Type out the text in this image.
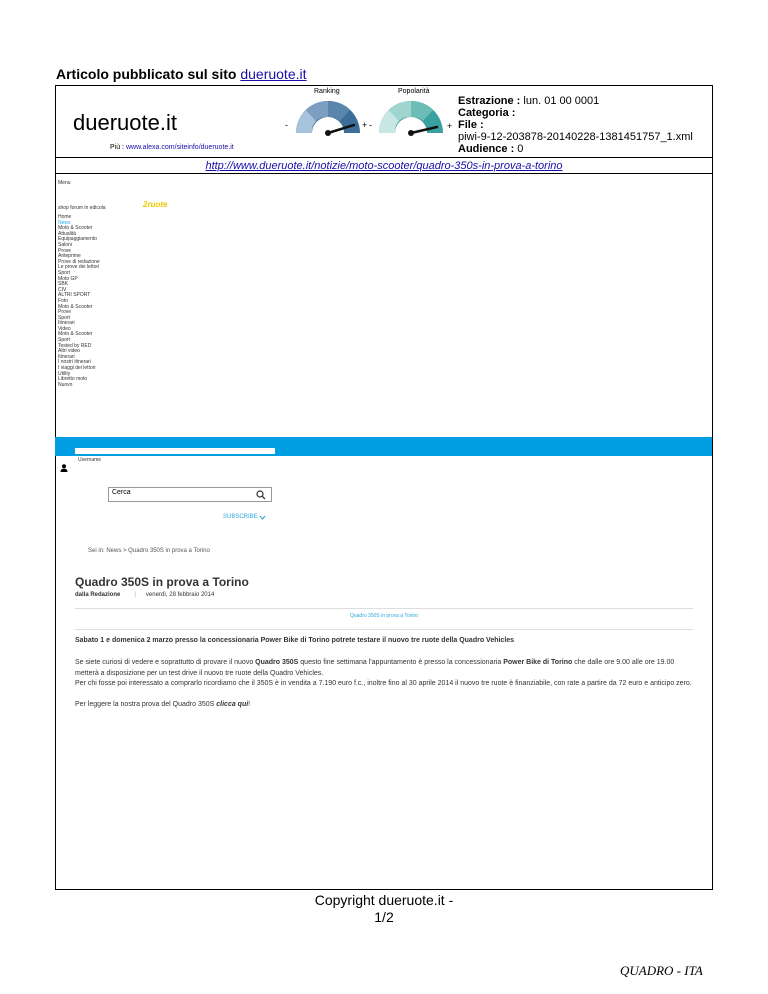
Articolo pubblicato sul sito dueruote.it
dueruote.it
Più : www.alexa.com/siteinfo/dueruote.it
Ranking	Popolarità
-	+ -	+
Estrazione : lun. 01 00 0001
Categoria :
File :
piwi-9-12-203878-20140228-1381451757_1.xml
Audience : 0
http://www.dueruote.it/notizie/moto-scooter/quadro-350s-in-prova-a-torino
Menu
shop forum in edicola	2ruote
Home
News
Moto & Scooter
Attualità
Equipaggiamento
Saloni
Prove
Anteprime
Prove di redazione
Le prove dei lettori
Sport
Moto GP
SBK
CIV
ALTRI SPORT
Foto
Moto & Scooter
Prove
Sport
Itinerari
Video
Moto & Scooter
Sport
Tested by RED
Altri video
Itinerari
I nostri itinerari
I viaggi dei lettori
Utility
Libretto moto
Nuovo
Username
Cerca
SUBSCRIBE
Sei in: News > Quadro 350S in prova a Torino
Quadro 350S in prova a Torino
dalla Redazione | venerdì, 28 febbraio 2014
Quadro 350S in prova a Torino
Sabato 1 e domenica 2 marzo presso la concessionaria Power Bike di Torino potrete testare il nuovo tre ruote della Quadro Vehicles

Se siete curiosi di vedere e soprattutto di provare il nuovo Quadro 350S questo fine settimana l'appuntamento è presso la concessionaria Power Bike di Torino che dalle ore 9.00 alle ore 19.00 metterà a disposizione per un test drive il nuovo tre ruote della Quadro Vehicles.
Per chi fosse poi interessato a comprarlo ricordiamo che il 350S è in vendita a 7.190 euro f.c., inoltre fino al 30 aprile 2014 il nuovo tre ruote è finanziabile, con rate a partire da 72 euro e anticipo zero.

Per leggere la nostra prova del Quadro 350S clicca qui!

Copyright dueruote.it -
1/2
QUADRO - ITA
